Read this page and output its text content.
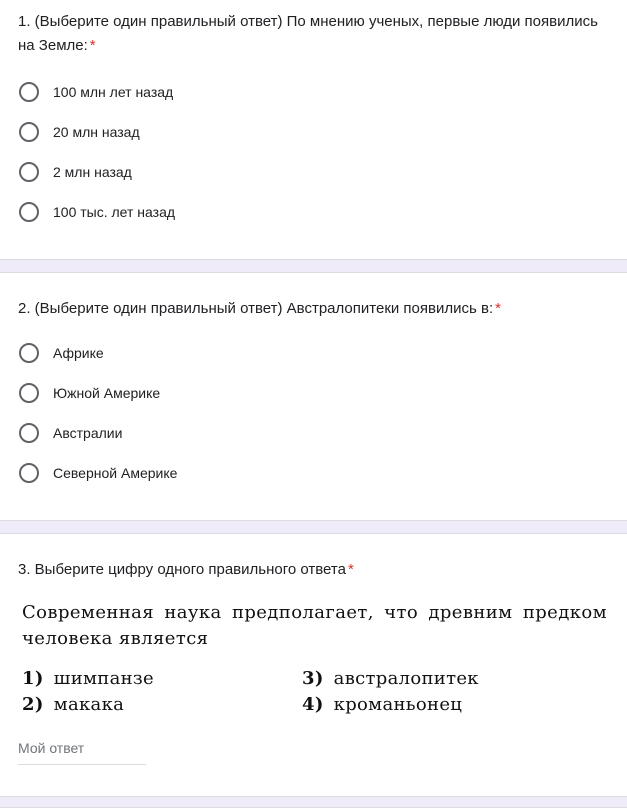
1. (Выберите один правильный ответ) По мнению ученых, первые люди появились на Земле: *
100 млн лет назад
20 млн назад
2 млн назад
100 тыс. лет назад
2. (Выберите один правильный ответ) Австралопитеки появились в: *
Африке
Южной Америке
Австралии
Северной Америке
3. Выберите цифру одного правильного ответа *
Современная наука предполагает, что древним предком человека является
1) шимпанзе	3) австралопитек
2) макака	4) кроманьонец
Мой ответ
